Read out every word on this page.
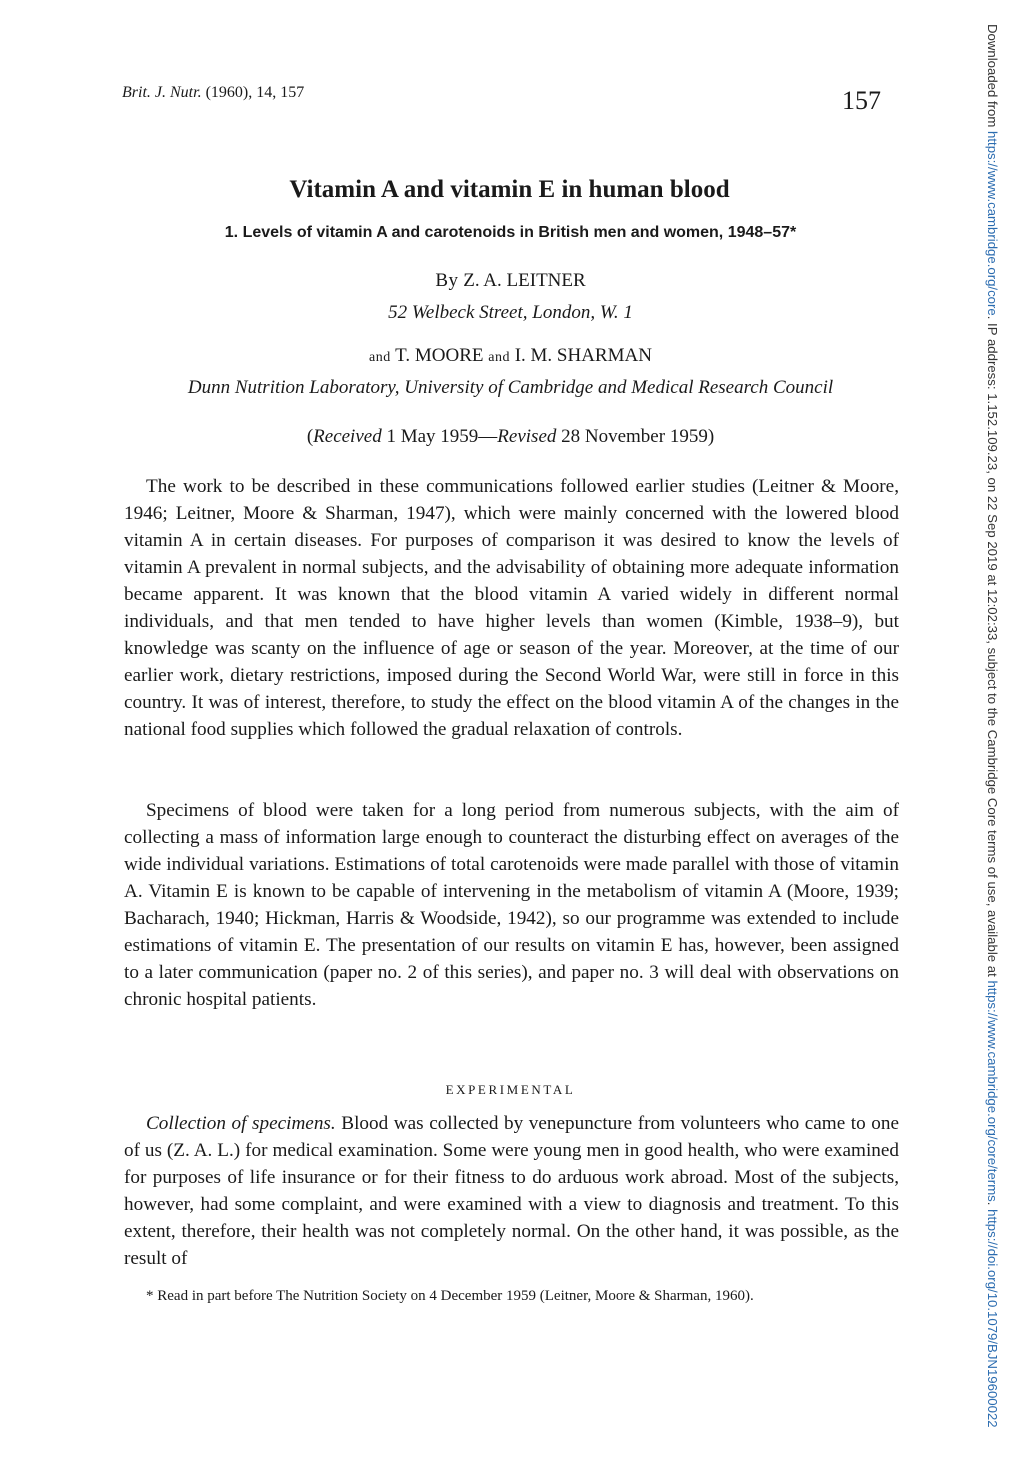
Brit. J. Nutr. (1960), 14, 157	157
Vitamin A and vitamin E in human blood
1. Levels of vitamin A and carotenoids in British men and women, 1948–57*
By Z. A. LEITNER
52 Welbeck Street, London, W. 1
and T. MOORE and I. M. SHARMAN
Dunn Nutrition Laboratory, University of Cambridge and Medical Research Council
(Received 1 May 1959—Revised 28 November 1959)

The work to be described in these communications followed earlier studies (Leitner & Moore, 1946; Leitner, Moore & Sharman, 1947), which were mainly concerned with the lowered blood vitamin A in certain diseases. For purposes of comparison it was desired to know the levels of vitamin A prevalent in normal subjects, and the advisability of obtaining more adequate information became apparent. It was known that the blood vitamin A varied widely in different normal individuals, and that men tended to have higher levels than women (Kimble, 1938–9), but knowledge was scanty on the influence of age or season of the year. Moreover, at the time of our earlier work, dietary restrictions, imposed during the Second World War, were still in force in this country. It was of interest, therefore, to study the effect on the blood vitamin A of the changes in the national food supplies which followed the gradual relaxation of controls.

Specimens of blood were taken for a long period from numerous subjects, with the aim of collecting a mass of information large enough to counteract the disturbing effect on averages of the wide individual variations. Estimations of total carotenoids were made parallel with those of vitamin A. Vitamin E is known to be capable of intervening in the metabolism of vitamin A (Moore, 1939; Bacharach, 1940; Hickman, Harris & Woodside, 1942), so our programme was extended to include estimations of vitamin E. The presentation of our results on vitamin E has, however, been assigned to a later communication (paper no. 2 of this series), and paper no. 3 will deal with observations on chronic hospital patients.

EXPERIMENTAL

Collection of specimens. Blood was collected by venepuncture from volunteers who came to one of us (Z. A. L.) for medical examination. Some were young men in good health, who were examined for purposes of life insurance or for their fitness to do arduous work abroad. Most of the subjects, however, had some complaint, and were examined with a view to diagnosis and treatment. To this extent, therefore, their health was not completely normal. On the other hand, it was possible, as the result of

* Read in part before The Nutrition Society on 4 December 1959 (Leitner, Moore & Sharman, 1960).
Downloaded from https://www.cambridge.org/core. IP address: 1.152.109.23, on 22 Sep 2019 at 12:02:33, subject to the Cambridge Core terms of use, available at https://www.cambridge.org/core/terms. https://doi.org/10.1079/BJN19600022
